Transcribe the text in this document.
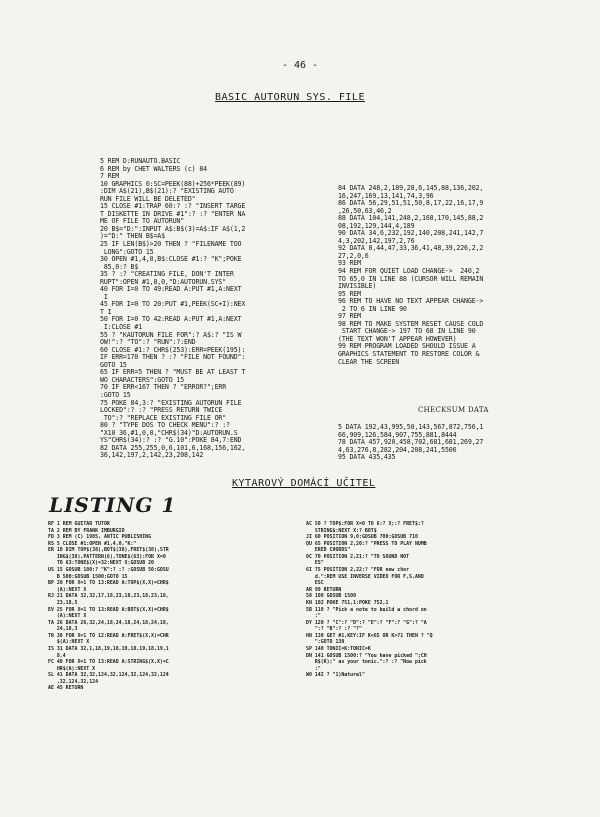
- 46 -
BASIC AUTORUN SYS. FILE
5 REM D:RUNAUTO.BASIC
6 REM by CHET WALTERS (c) 84
7 REM
10 GRAPHICS 0:SC=PEEK(88)+256*PEEK(89)
:DIM A$(21),B$(21):? "EXISTING AUTO
RUN FILE WILL BE DELETED"
15 CLOSE #1:TRAP 60:? :? "INSERT TARGE
T DISKETTE IN DRIVE #1":? :? "ENTER NA
ME OF FILE TO AUTORUN"
20 B$="D:":INPUT A$:B$(3)=A$:IF A$(1,2
)="D:" THEN B$=A$
25 IF LEN(B$)>20 THEN ? "FILENAME TOO
LONG":GOTO 15
30 OPEN #1,4,0,B$:CLOSE #1:? "K";POKE
85,0:? B$
35 ? :? "CREATING FILE, DON'T INTER
RUPT":OPEN #1,8,0,"D:AUTORUN.SYS"
40 FOR I=0 TO 49:READ A:PUT #1,A:NEXT
I
45 FOR I=0 TO 20:PUT #1,PEEK(SC+I):NEX
T I
50 FOR I=0 TO 42:READ A:PUT #1,A:NEXT
I:CLOSE #1
55 ? "KAUTORUN FILE FOR":? A$:? "IS W
OW!":? "TO":? "RUN":?:END
60 CLOSE #1:? CHR$(253):ERR=PEEK(195):
IF ERR=170 THEN ? :? "FILE NOT FOUND":
GOTO 15
65 IF ERR=5 THEN ? "MUST BE AT LEAST T
WO CHARACTERS":GOTO 15
70 IF ERR<167 THEN ? "ERROR?";ERR
:GOTO 15
75 POKE 84,3:? "EXISTING AUTORUN FILE
LOCKED":? :? "PRESS RETURN TWICE
TO":? "REPLACE EXISTING FILE OR"
80 ? "TYPE DOS TO CHECK MENU":? :?
"X10 36,#1,0,0,"CHR$(34)"D:AUTORUN.S
YS"CHR$(34):? :? "G.10":POKE 84,7:END
82 DATA 255,255,0,6,101,6,168,156,162,
36,142,197,2,142,23,208,142
84 DATA 248,2,189,28,6,145,88,136,202,
16,247,169,13,141,74,3,96
86 DATA 56,29,51,51,50,8,17,22,16,17,9
,26,50,63,46,2
88 DATA 104,141,248,2,168,170,145,88,2
08,192,129,144,4,189
90 DATA 34,6,232,192,140,208,241,142,7
4,3,202,142,197,2,76
92 DATA 8,44,47,33,36,41,48,39,226,2,2
27,2,0,6
93 REM
94 REM FOR QUIET LOAD CHANGE->  240,2
TO 65,0 IN LINE 88 (CURSOR WILL REMAIN
INVISIBLE)
95 REM
96 REM TO HAVE NO TEXT APPEAR CHANGE->
2 TO 6 IN LINE 90
97 REM
98 REM TO MAKE SYSTEM RESET CAUSE COLD
START CHANGE-> 197 TO 68 IN LINE 90
(THE TEXT WON'T APPEAR HOWEVER)
99 REM PROGRAM LOADED SHOULD ISSUE A
GRAPHICS STATEMENT TO RESTORE COLOR &
CLEAR THE SCREEN
CHECKSUM DATA
5 DATA 192,43,995,50,143,567,872,756,1
66,909,126,584,907,755,881,8444
78 DATA 457,920,458,702,681,681,269,27
4,63,276,8,282,204,208,241,5506
95 DATA 435,435
KYTAROVÝ DOMÁCÍ UČITEL
LISTING 1
RF 1 REM GUITAR TUTOR
TA 2 REM BY FRANK IMBURGIO
FD 3 REM (C) 1985, ANTIC PUBLISHING
RS 5 CLOSE #1:OPEN #1,4,0,"K:"
ER 10 DIM TOP$(38),BOT$(38),FRET$(38),STR
ING$(38),PATTERN(6),TONE$(63):FOR X=0
TO 63:TONE$(X)=32:NEXT X:GOSUB 20
US 15 GOSUB 100:? "K":? :? :GOSUB 50:GOSU
B 500:GOSUB 1500:GOTO 15
BP 20 FOR X=1 TO 13:READ A:TOP$(X,X)=CHR$
(A):NEXT X
RJ 21 DATA 32,32,17,18,23,18,23,18,23,18,
23,18,5
EV 25 FOR X=1 TO 13:READ A:BOT$(X,X)=CHR$
(A):NEXT X
TA 26 DATA 26,32,24,18,24,18,24,18,24,18,
24,18,3
TR 30 FOR X=1 TO 12:READ A:FRET$(X,X)=CHR
$(A):NEXT X
IS 31 DATA 32,1,18,19,18,19,18,19,18,19,1
8,4
FC 40 FOR X=1 TO 13:READ A:STRING$(X,X)=C
HR$(A):NEXT X
SL 41 DATA 32,32,124,32,124,32,124,32,124
,32,124,32,124
AE 45 RETURN
AC 50 ? TOP$:FOR X=0 TO 6:? X;:? FRET$:?
STRING$:NEXT X:? BOT$
JI 60 POSITION 9,0:GOSUB 700:GOSUB 710
QU 65 POSITION 2,20:? "PRESS TO PLAY NUMB
ERED CHORDS"
0C 70 POSITION 2,21:? "TO SOUND NOT
ES"
6I 75 POSITION 2,22:? "FOR new chor
d.":REM USE INVERSE VIDEO FOR F,S,AND
ESC
AR 99 RETURN
58 100 GOSUB 1500
KN 102 POKE 751,1:POKE 752,1
5B 110 ? "Pick a note to build a chord on
:"
DY 120 ? "C":? "D":? "E":? "F":? "G":? "A
":? "B":? :? "?"
HN 130 GET #1,KEY:IF K<65 OR K>71 THEN ? "Q
":GOTO 130
SP 140 TONIC=K:TONIC=K
DN 141 GOSUB 1500:? "You have picked ";CH
R$(K);" as your tonic.":? :? "Now pick
:"
W0 142 ? "1)Natural"
